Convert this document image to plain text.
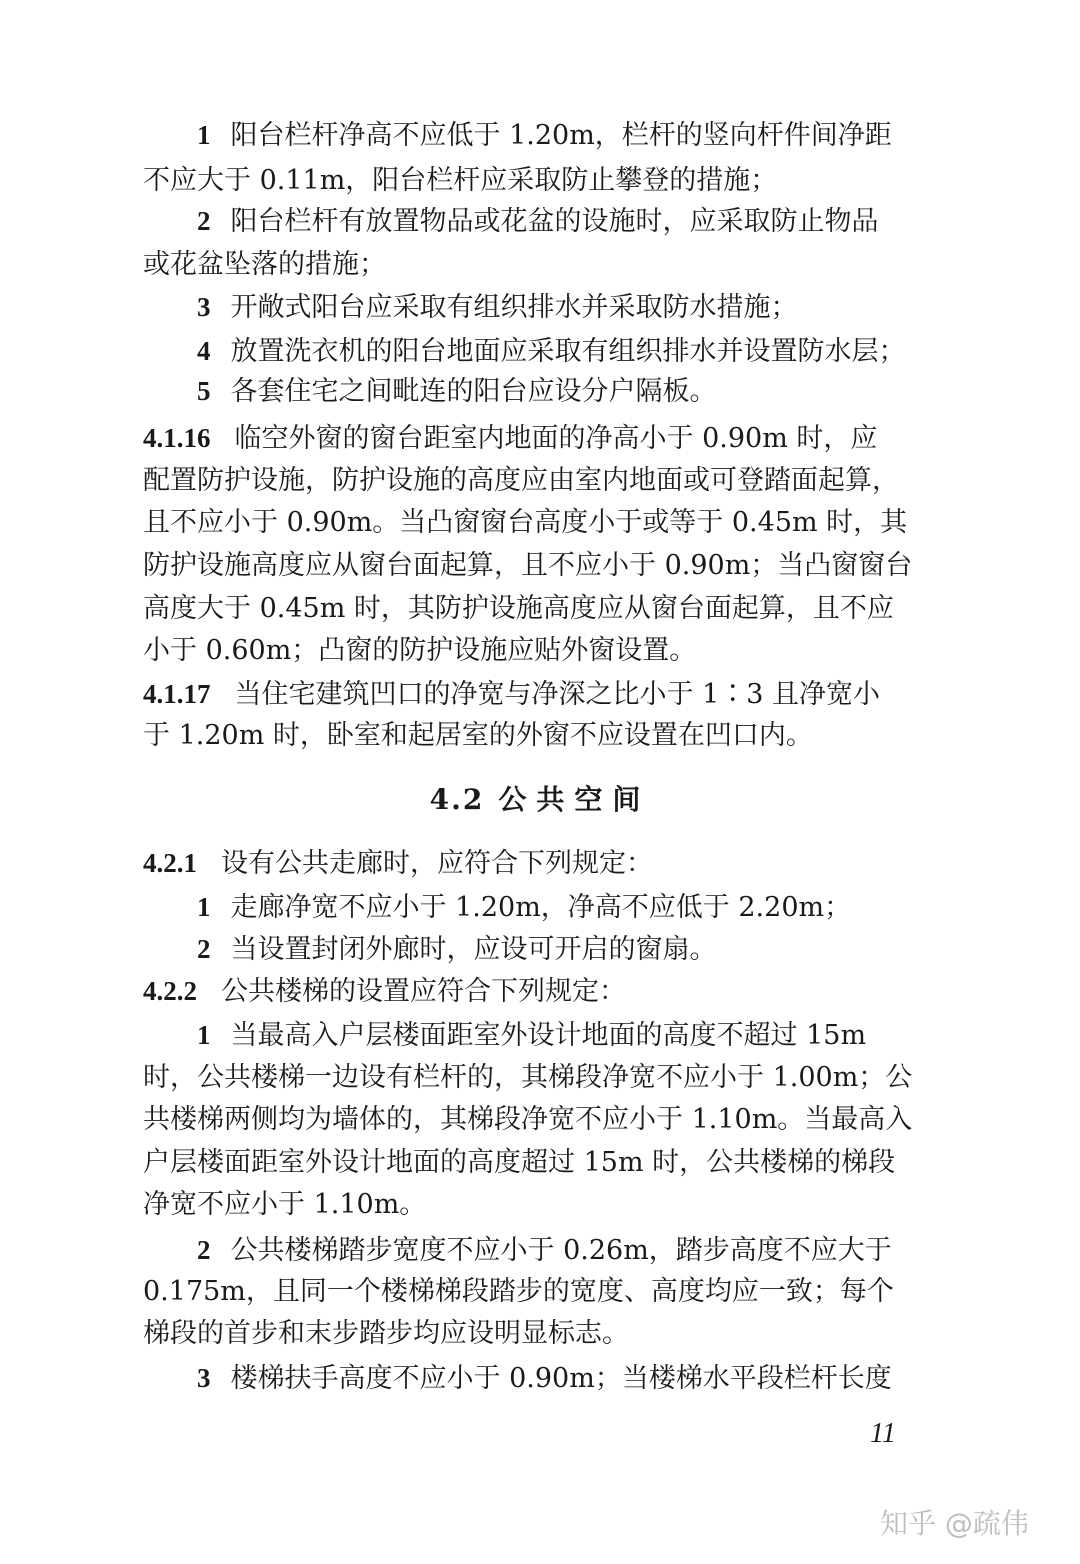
1 阳台栏杆净高不应低于 1.20m，栏杆的竖向杆件间净距
不应大于 0.11m，阳台栏杆应采取防止攀登的措施；
2 阳台栏杆有放置物品或花盆的设施时，应采取防止物品
或花盆坠落的措施；
3 开敞式阳台应采取有组织排水并采取防水措施；
4 放置洗衣机的阳台地面应采取有组织排水并设置防水层；
5 各套住宅之间毗连的阳台应设分户隔板。
4.1.16 临空外窗的窗台距室内地面的净高小于 0.90m 时，应
配置防护设施，防护设施的高度应由室内地面或可登踏面起算，
且不应小于 0.90m。当凸窗窗台高度小于或等于 0.45m 时，其
防护设施高度应从窗台面起算，且不应小于 0.90m；当凸窗窗台
高度大于 0.45m 时，其防护设施高度应从窗台面起算，且不应
小于 0.60m；凸窗的防护设施应贴外窗设置。
4.1.17 当住宅建筑凹口的净宽与净深之比小于 1∶3 且净宽小
于 1.20m 时，卧室和起居室的外窗不应设置在凹口内。
4.2 公共空间
4.2.1 设有公共走廊时，应符合下列规定：
1 走廊净宽不应小于 1.20m，净高不应低于 2.20m；
2 当设置封闭外廊时，应设可开启的窗扇。
4.2.2 公共楼梯的设置应符合下列规定：
1 当最高入户层楼面距室外设计地面的高度不超过 15m
时，公共楼梯一边设有栏杆的，其梯段净宽不应小于 1.00m；公
共楼梯两侧均为墙体的，其梯段净宽不应小于 1.10m。当最高入
户层楼面距室外设计地面的高度超过 15m 时，公共楼梯的梯段
净宽不应小于 1.10m。
2 公共楼梯踏步宽度不应小于 0.26m，踏步高度不应大于
0.175m，且同一个楼梯梯段踏步的宽度、高度均应一致；每个
梯段的首步和末步踏步均应设明显标志。
3 楼梯扶手高度不应小于 0.90m；当楼梯水平段栏杆长度
11
知乎 @疏伟
